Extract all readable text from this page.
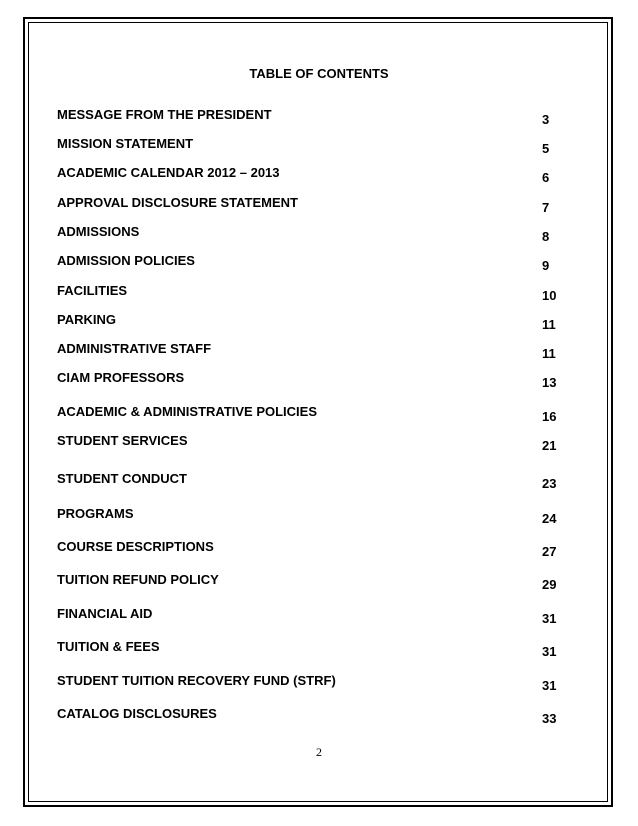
TABLE OF CONTENTS
MESSAGE FROM THE PRESIDENT	3
MISSION STATEMENT	5
ACADEMIC CALENDAR 2012 – 2013	6
APPROVAL DISCLOSURE STATEMENT	7
ADMISSIONS	8
ADMISSION POLICIES	9
FACILITIES	10
PARKING	11
ADMINISTRATIVE STAFF	11
CIAM PROFESSORS	13
ACADEMIC & ADMINISTRATIVE POLICIES	16
STUDENT SERVICES	21
STUDENT CONDUCT	23
PROGRAMS	24
COURSE DESCRIPTIONS	27
TUITION REFUND POLICY	29
FINANCIAL AID	31
TUITION & FEES	31
STUDENT TUITION RECOVERY FUND (STRF)	31
CATALOG DISCLOSURES	33
2
